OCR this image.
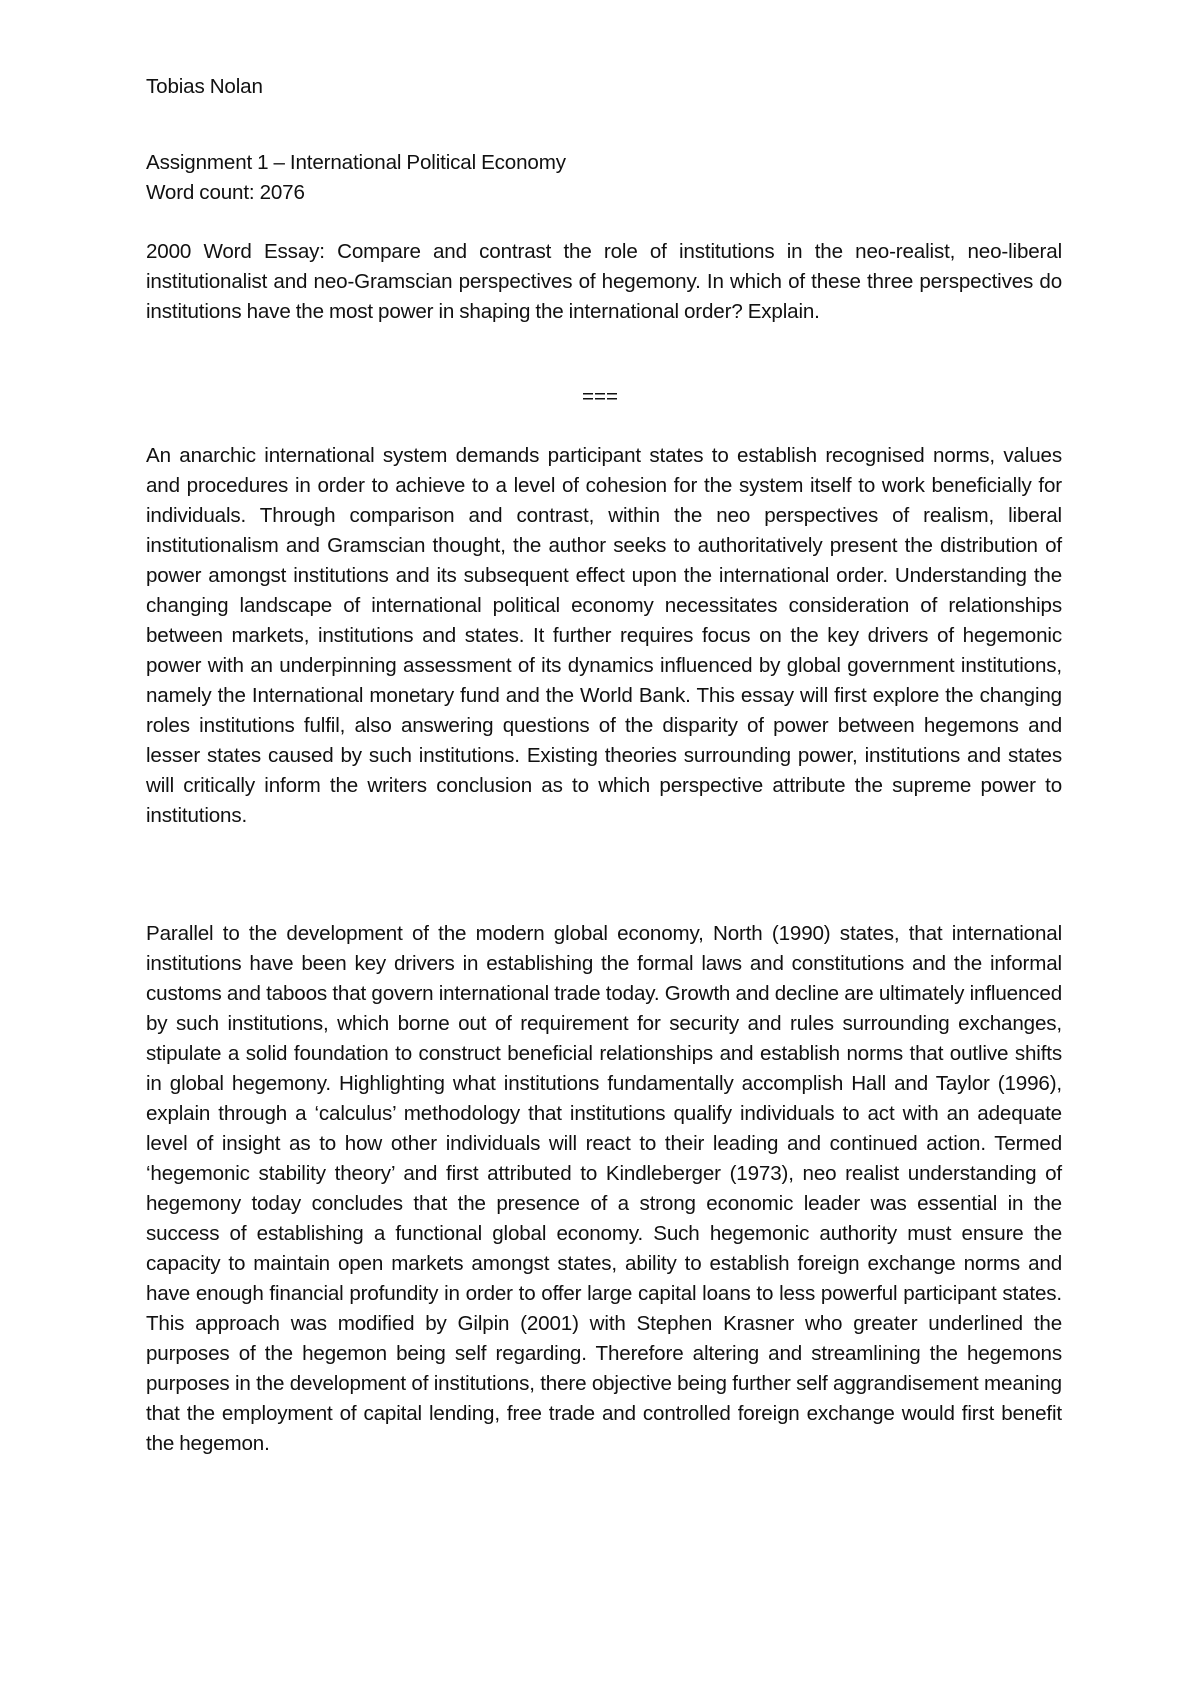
Tobias Nolan
Assignment 1 – International Political Economy
Word count: 2076
2000 Word Essay: Compare and contrast the role of institutions in the neo-realist, neo-liberal institutionalist and neo-Gramscian perspectives of hegemony. In which of these three perspectives do institutions have the most power in shaping the international order? Explain.
===

An anarchic international system demands participant states to establish recognised norms, values and procedures in order to achieve to a level of cohesion for the system itself to work beneficially for individuals. Through comparison and contrast, within the neo perspectives of realism, liberal institutionalism and Gramscian thought, the author seeks to authoritatively present the distribution of power amongst institutions and its subsequent effect upon the international order. Understanding the changing landscape of international political economy necessitates consideration of relationships between markets, institutions and states. It further requires focus on the key drivers of hegemonic power with an underpinning assessment of its dynamics influenced by global government institutions, namely the International monetary fund and the World Bank. This essay will first explore the changing roles institutions fulfil, also answering questions of the disparity of power between hegemons and lesser states caused by such institutions. Existing theories surrounding power, institutions and states will critically inform the writers conclusion as to which perspective attribute the supreme power to institutions.

Parallel to the development of the modern global economy, North (1990) states, that international institutions have been key drivers in establishing the formal laws and constitutions and the informal customs and taboos that govern international trade today. Growth and decline are ultimately influenced by such institutions, which borne out of requirement for security and rules surrounding exchanges, stipulate a solid foundation to construct beneficial relationships and establish norms that outlive shifts in global hegemony. Highlighting what institutions fundamentally accomplish Hall and Taylor (1996), explain through a ‘calculus’ methodology that institutions qualify individuals to act with an adequate level of insight as to how other individuals will react to their leading and continued action. Termed ‘hegemonic stability theory’ and first attributed to Kindleberger (1973), neo realist understanding of hegemony today concludes that the presence of a strong economic leader was essential in the success of establishing a functional global economy. Such hegemonic authority must ensure the capacity to maintain open markets amongst states, ability to establish foreign exchange norms and have enough financial profundity in order to offer large capital loans to less powerful participant states. This approach was modified by Gilpin (2001) with Stephen Krasner who greater underlined the purposes of the hegemon being self regarding. Therefore altering and streamlining the hegemons purposes in the development of institutions, there objective being further self aggrandisement meaning that the employment of capital lending, free trade and controlled foreign exchange would first benefit the hegemon.
